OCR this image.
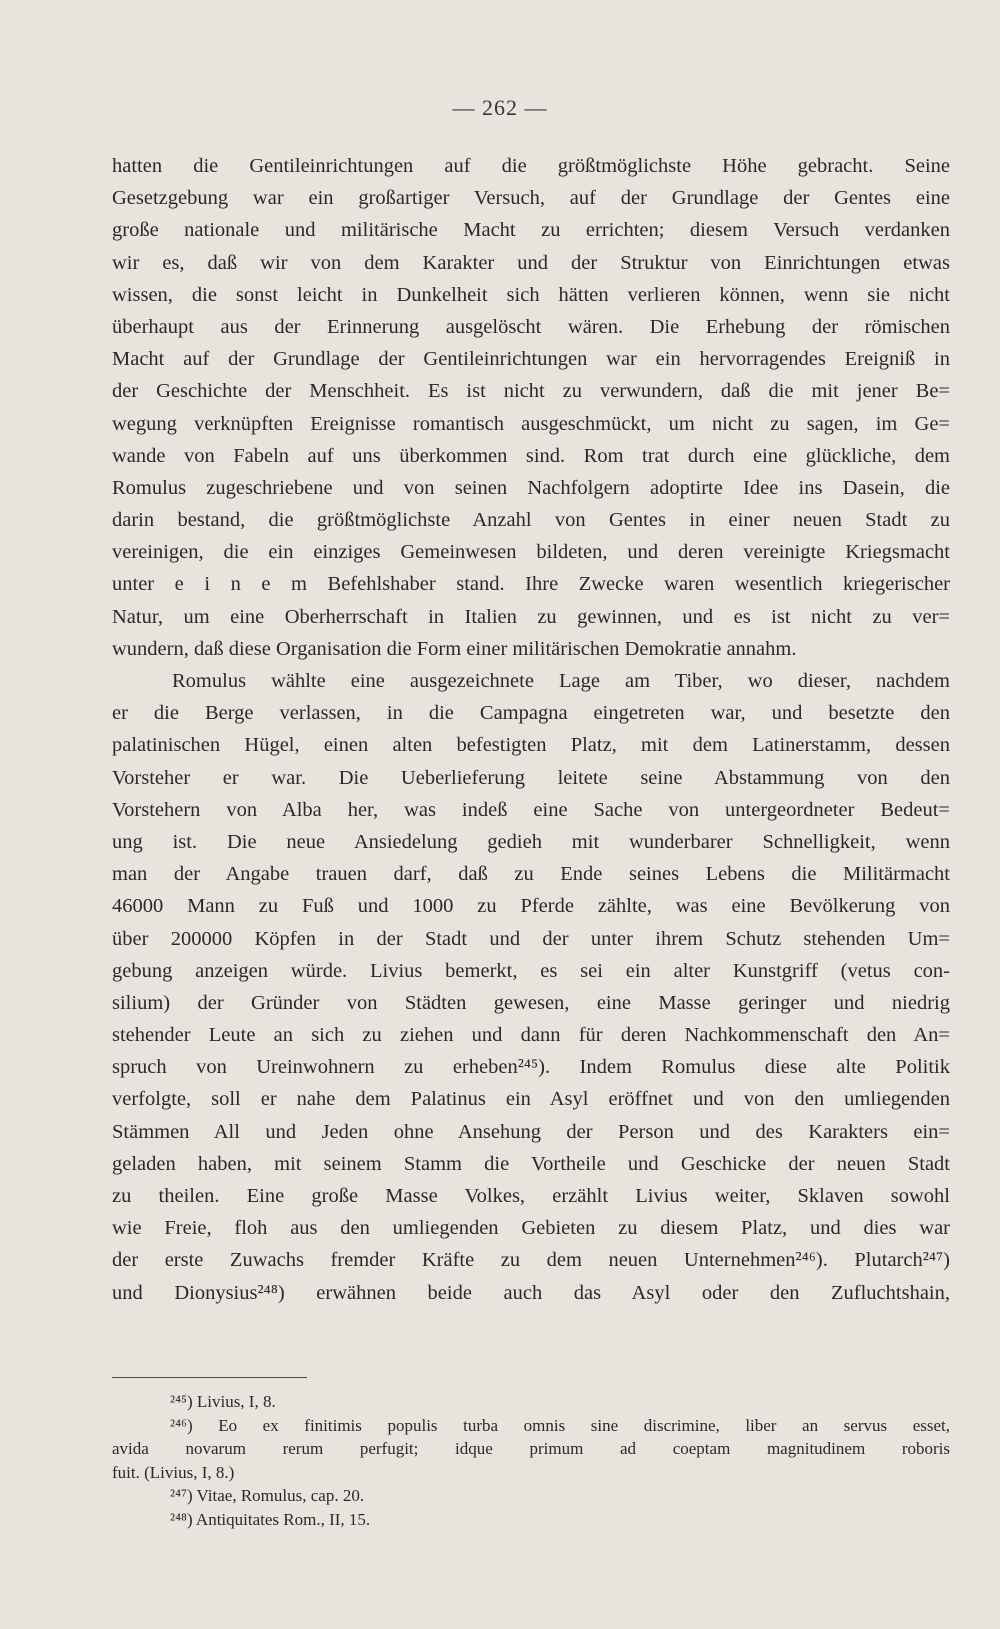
— 262 —
hatten die Gentileinrichtungen auf die größtmöglichste Höhe gebracht. Seine
Gesetzgebung war ein großartiger Versuch, auf der Grundlage der Gentes eine
große nationale und militärische Macht zu errichten; diesem Versuch verdanken
wir es, daß wir von dem Karakter und der Struktur von Einrichtungen etwas
wissen, die sonst leicht in Dunkelheit sich hätten verlieren können, wenn sie nicht
überhaupt aus der Erinnerung ausgelöscht wären. Die Erhebung der römischen
Macht auf der Grundlage der Gentileinrichtungen war ein hervorragendes Ereigniß in
der Geschichte der Menschheit. Es ist nicht zu verwundern, daß die mit jener Be=
wegung verknüpften Ereignisse romantisch ausgeschmückt, um nicht zu sagen, im Ge=
wande von Fabeln auf uns überkommen sind. Rom trat durch eine glückliche, dem
Romulus zugeschriebene und von seinen Nachfolgern adoptirte Idee ins Dasein, die
darin bestand, die größtmöglichste Anzahl von Gentes in einer neuen Stadt zu
vereinigen, die ein einziges Gemeinwesen bildeten, und deren vereinigte Kriegsmacht
unter e i n e m Befehlshaber stand. Ihre Zwecke waren wesentlich kriegerischer
Natur, um eine Oberherrschaft in Italien zu gewinnen, und es ist nicht zu ver=
wundern, daß diese Organisation die Form einer militärischen Demokratie annahm.
Romulus wählte eine ausgezeichnete Lage am Tiber, wo dieser, nachdem
er die Berge verlassen, in die Campagna eingetreten war, und besetzte den
palatinischen Hügel, einen alten befestigten Platz, mit dem Latinerstamm, dessen
Vorsteher er war. Die Ueberlieferung leitete seine Abstammung von den
Vorstehern von Alba her, was indeß eine Sache von untergeordneter Bedeut=
ung ist. Die neue Ansiedelung gedieh mit wunderbarer Schnelligkeit, wenn
man der Angabe trauen darf, daß zu Ende seines Lebens die Militärmacht
46000 Mann zu Fuß und 1000 zu Pferde zählte, was eine Bevölkerung von
über 200000 Köpfen in der Stadt und der unter ihrem Schutz stehenden Um=
gebung anzeigen würde. Livius bemerkt, es sei ein alter Kunstgriff (vetus con-
silium) der Gründer von Städten gewesen, eine Masse geringer und niedrig
stehender Leute an sich zu ziehen und dann für deren Nachkommenschaft den An=
spruch von Ureinwohnern zu erheben²⁴⁵). Indem Romulus diese alte Politik
verfolgte, soll er nahe dem Palatinus ein Asyl eröffnet und von den umliegenden
Stämmen All und Jeden ohne Ansehung der Person und des Karakters ein=
geladen haben, mit seinem Stamm die Vortheile und Geschicke der neuen Stadt
zu theilen. Eine große Masse Volkes, erzählt Livius weiter, Sklaven sowohl
wie Freie, floh aus den umliegenden Gebieten zu diesem Platz, und dies war
der erste Zuwachs fremder Kräfte zu dem neuen Unternehmen²⁴⁶). Plutarch²⁴⁷)
und Dionysius²⁴⁸) erwähnen beide auch das Asyl oder den Zufluchtshain,
²⁴⁵) Livius, I, 8.
²⁴⁶) Eo ex finitimis populis turba omnis sine discrimine, liber an servus esset,
avida novarum rerum perfugit; idque primum ad coeptam magnitudinem roboris
fuit. (Livius, I, 8.)
²⁴⁷) Vitae, Romulus, cap. 20.
²⁴⁸) Antiquitates Rom., II, 15.
